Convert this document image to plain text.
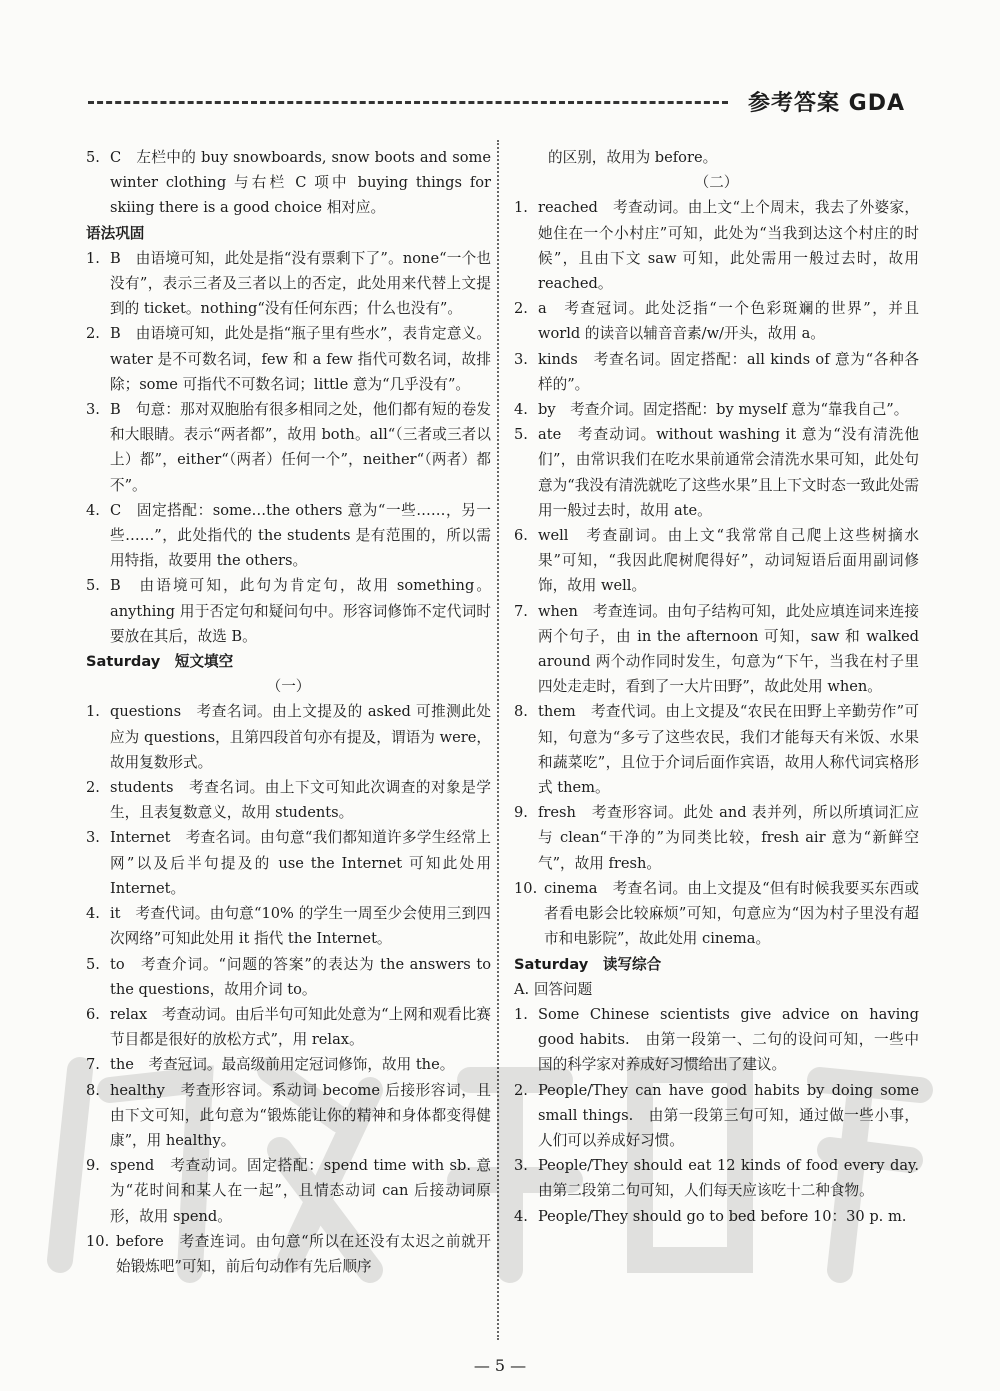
参考答案 GDA
5. C　左栏中的 buy snowboards, snow boots and some winter clothing 与右栏 C 项中 buying things for skiing there is a good choice 相对应。
语法巩固
1. B　由语境可知，此处是指“没有票剩下了”。none“一个也没有”，表示三者及三者以上的否定，此处用来代替上文提到的 ticket。nothing“没有任何东西；什么也没有”。
2. B　由语境可知，此处是指“瓶子里有些水”，表肯定意义。water 是不可数名词，few 和 a few 指代可数名词，故排除；some 可指代不可数名词；little 意为“几乎没有”。
3. B　句意：那对双胞胎有很多相同之处，他们都有短的卷发和大眼睛。表示“两者都”，故用 both。all“（三者或三者以上）都”，either“（两者）任何一个”，neither“（两者）都不”。
4. C　固定搭配：some…the others 意为“一些……，另一些……”，此处指代的 the students 是有范围的，所以需用特指，故要用 the others。
5. B　由语境可知，此句为肯定句，故用 something。anything 用于否定句和疑问句中。形容词修饰不定代词时要放在其后，故选 B。
Saturday　短文填空
（一）
1. questions　考查名词。由上文提及的 asked 可推测此处应为 questions，且第四段首句亦有提及，谓语为 were，故用复数形式。
2. students　考查名词。由上下文可知此次调查的对象是学生，且表复数意义，故用 students。
3. Internet　考查名词。由句意“我们都知道许多学生经常上网”以及后半句提及的 use the Internet 可知此处用 Internet。
4. it　考查代词。由句意“10% 的学生一周至少会使用三到四次网络”可知此处用 it 指代 the Internet。
5. to　考查介词。“问题的答案”的表达为 the answers to the questions，故用介词 to。
6. relax　考查动词。由后半句可知此处意为“上网和观看比赛节目都是很好的放松方式”，用 relax。
7. the　考查冠词。最高级前用定冠词修饰，故用 the。
8. healthy　考查形容词。系动词 become 后接形容词，且由下文可知，此句意为“锻炼能让你的精神和身体都变得健康”，用 healthy。
9. spend　考查动词。固定搭配：spend time with sb. 意为“花时间和某人在一起”，且情态动词 can 后接动词原形，故用 spend。
10. before　考查连词。由句意“所以在还没有太迟之前就开始锻炼吧”可知，前后句动作有先后顺序
的区别，故用为 before。
（二）
1. reached　考查动词。由上文“上个周末，我去了外婆家，她住在一个小村庄”可知，此处为“当我到达这个村庄的时候”，且由下文 saw 可知，此处需用一般过去时，故用 reached。
2. a　考查冠词。此处泛指“一个色彩斑斓的世界”，并且 world 的读音以辅音音素/w/开头，故用 a。
3. kinds　考查名词。固定搭配：all kinds of 意为“各种各样的”。
4. by　考查介词。固定搭配：by myself 意为“靠我自己”。
5. ate　考查动词。without washing it 意为“没有清洗他们”，由常识我们在吃水果前通常会清洗水果可知，此处句意为“我没有清洗就吃了这些水果”且上下文时态一致此处需用一般过去时，故用 ate。
6. well　考查副词。由上文“我常常自己爬上这些树摘水果”可知，“我因此爬树爬得好”，动词短语后面用副词修饰，故用 well。
7. when　考查连词。由句子结构可知，此处应填连词来连接两个句子，由 in the afternoon 可知，saw 和 walked around 两个动作同时发生，句意为“下午，当我在村子里四处走走时，看到了一大片田野”，故此处用 when。
8. them　考查代词。由上文提及“农民在田野上辛勤劳作”可知，句意为“多亏了这些农民，我们才能每天有米饭、水果和蔬菜吃”，且位于介词后面作宾语，故用人称代词宾格形式 them。
9. fresh　考查形容词。此处 and 表并列，所以所填词汇应与 clean“干净的”为同类比较，fresh air 意为“新鲜空气”，故用 fresh。
10. cinema　考查名词。由上文提及“但有时候我要买东西或者看电影会比较麻烦”可知，句意应为“因为村子里没有超市和电影院”，故此处用 cinema。
Saturday　读写综合
A. 回答问题
1. Some Chinese scientists give advice on having good habits.　由第一段第一、二句的设问可知，一些中国的科学家对养成好习惯给出了建议。
2. People/They can have good habits by doing some small things.　由第一段第三句可知，通过做一些小事，人们可以养成好习惯。
3. People/They should eat 12 kinds of food every day.　由第二段第二句可知，人们每天应该吃十二种食物。
4. People/They should go to bed before 10：30 p. m.
— 5 —
